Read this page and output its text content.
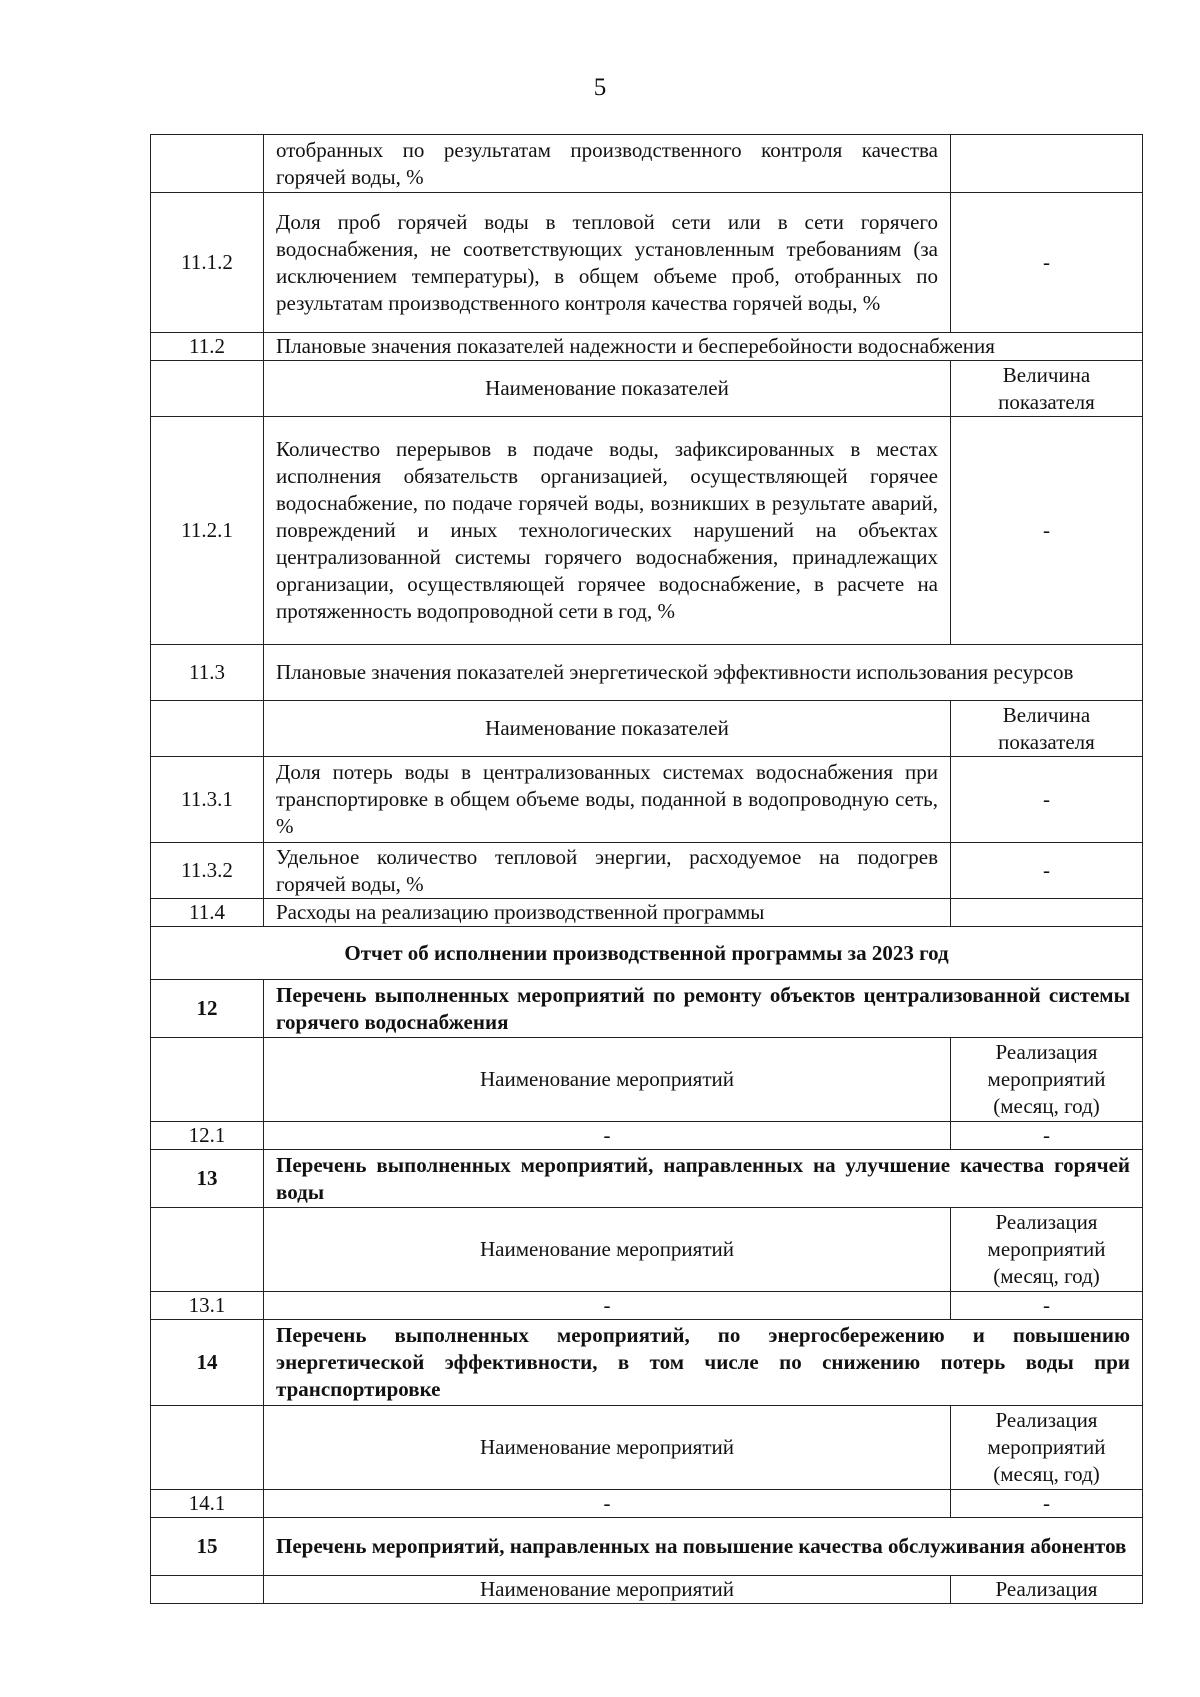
5
	отобранных по результатам производственного контроля качества горячей воды, %	
11.1.2	Доля проб горячей воды в тепловой сети или в сети горячего водоснабжения, не соответствующих установленным требованиям (за исключением температуры), в общем объеме проб, отобранных по результатам производственного контроля качества горячей воды, %	-
11.2	Плановые значения показателей надежности и бесперебойности водоснабжения	
	Наименование показателей	Величина показателя
11.2.1	Количество перерывов в подаче воды, зафиксированных в местах исполнения обязательств организацией, осуществляющей горячее водоснабжение, по подаче горячей воды, возникших в результате аварий, повреждений и иных технологических нарушений на объектах централизованной системы горячего водоснабжения, принадлежащих организации, осуществляющей горячее водоснабжение, в расчете на протяженность водопроводной сети в год, %	-
11.3	Плановые значения показателей энергетической эффективности использования ресурсов	
	Наименование показателей	Величина показателя
11.3.1	Доля потерь воды в централизованных системах водоснабжения при транспортировке в общем объеме воды, поданной в водопроводную сеть, %	-
11.3.2	Удельное количество тепловой энергии, расходуемое на подогрев горячей воды, %	-
11.4	Расходы на реализацию производственной программы	
Отчет об исполнении производственной программы за 2023 год		
12	Перечень выполненных мероприятий по ремонту объектов централизованной системы горячего водоснабжения	
	Наименование мероприятий	Реализация мероприятий (месяц, год)
12.1	-	-
13	Перечень выполненных мероприятий, направленных на улучшение качества горячей воды	
	Наименование мероприятий	Реализация мероприятий (месяц, год)
13.1	-	-
14	Перечень выполненных мероприятий, по энергосбережению и повышению энергетической эффективности, в том числе по снижению потерь воды при транспортировке	
	Наименование мероприятий	Реализация мероприятий (месяц, год)
14.1	-	-
15	Перечень мероприятий, направленных на повышение качества обслуживания абонентов	
	Наименование мероприятий	Реализация
